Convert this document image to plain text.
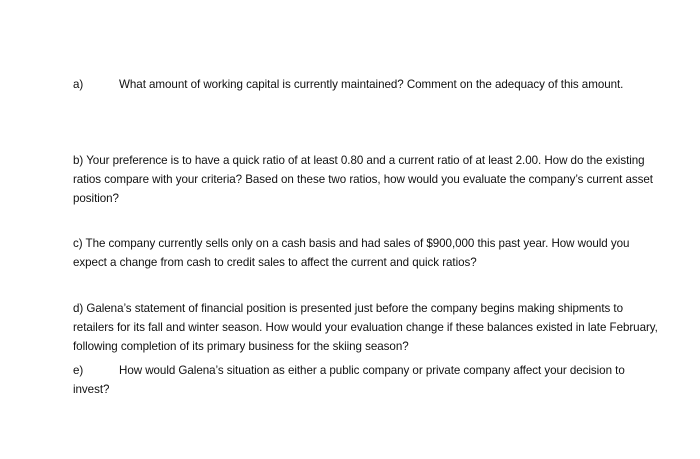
a)	What amount of working capital is currently maintained? Comment on the adequacy of this amount.
b) Your preference is to have a quick ratio of at least 0.80 and a current ratio of at least 2.00. How do the existing ratios compare with your criteria? Based on these two ratios, how would you evaluate the company’s current asset position?
c) The company currently sells only on a cash basis and had sales of $900,000 this past year. How would you expect a change from cash to credit sales to affect the current and quick ratios?
d) Galena’s statement of financial position is presented just before the company begins making shipments to retailers for its fall and winter season. How would your evaluation change if these balances existed in late February, following completion of its primary business for the skiing season?
e)	How would Galena’s situation as either a public company or private company affect your decision to invest?
